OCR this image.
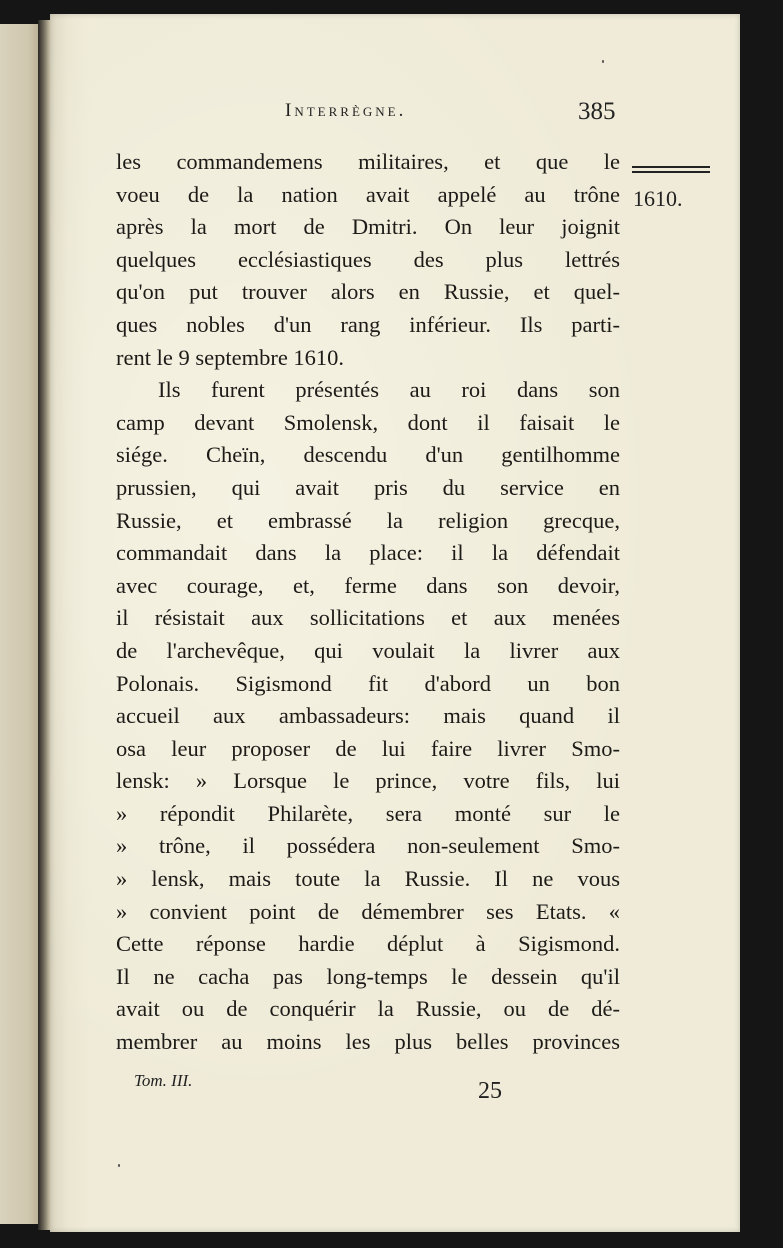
Interrègne.	385
1610.
les commandemens militaires, et que le
voeu de la nation avait appelé au trône
après la mort de Dmitri. On leur joignit
quelques ecclésiastiques des plus lettrés
qu'on put trouver alors en Russie, et quel-
ques nobles d'un rang inférieur. Ils parti-
rent le 9 septembre 1610.
Ils furent présentés au roi dans son
camp devant Smolensk, dont il faisait le
siége. Cheïn, descendu d'un gentilhomme
prussien, qui avait pris du service en
Russie, et embrassé la religion grecque,
commandait dans la place: il la défendait
avec courage, et, ferme dans son devoir,
il résistait aux sollicitations et aux menées
de l'archevêque, qui voulait la livrer aux
Polonais. Sigismond fit d'abord un bon
accueil aux ambassadeurs: mais quand il
osa leur proposer de lui faire livrer Smo-
lensk: » Lorsque le prince, votre fils, lui
» répondit Philarète, sera monté sur le
» trône, il possédera non-seulement Smo-
» lensk, mais toute la Russie. Il ne vous
» convient point de démembrer ses Etats. «
Cette réponse hardie déplut à Sigismond.
Il ne cacha pas long-temps le dessein qu'il
avait ou de conquérir la Russie, ou de dé-
membrer au moins les plus belles provinces
Tom. III.	25
